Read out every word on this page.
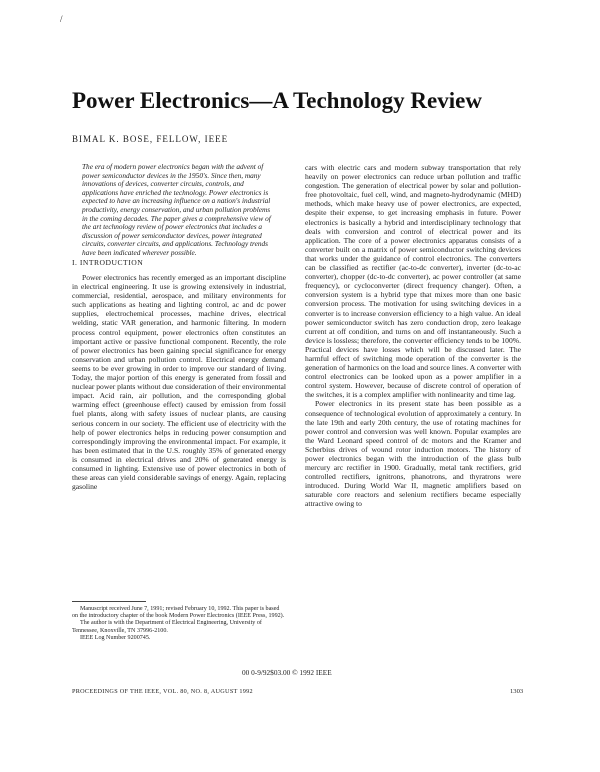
/
Power Electronics—A Technology Review
BIMAL K. BOSE, FELLOW, IEEE

The era of modern power electronics began with the advent of power semiconductor devices in the 1950's. Since then, many innovations of devices, converter circuits, controls, and applications have enriched the technology. Power electronics is expected to have an increasing influence on a nation's industrial productivity, energy conservation, and urban pollution problems in the coming decades. The paper gives a comprehensive view of the art technology review of power electronics that includes a discussion of power semiconductor devices, power integrated circuits, converter circuits, and applications. Technology trends have been indicated wherever possible.

I. INTRODUCTION

Power electronics has recently emerged as an important discipline in electrical engineering. It use is growing extensively in industrial, commercial, residential, aerospace, and military environments for such applications as heating and lighting control, ac and dc power supplies, electrochemical processes, machine drives, electrical welding, static VAR generation, and harmonic filtering. In modern process control equipment, power electronics often constitutes an important active or passive functional component. Recently, the role of power electronics has been gaining special significance for energy conservation and urban pollution control. Electrical energy demand seems to be ever growing in order to improve our standard of living. Today, the major portion of this energy is generated from fossil and nuclear power plants without due consideration of their environmental impact. Acid rain, air pollution, and the corresponding global warming effect (greenhouse effect) caused by emission from fossil fuel plants, along with safety issues of nuclear plants, are causing serious concern in our society. The efficient use of electricity with the help of power electronics helps in reducing power consumption and correspondingly improving the environmental impact. For example, it has been estimated that in the U.S. roughly 35% of generated energy is consumed in electrical drives and 20% of generated energy is consumed in lighting. Extensive use of power electronics in both of these areas can yield considerable savings of energy. Again, replacing gasoline

Manuscript received June 7, 1991; revised February 10, 1992. This paper is based on the introductory chapter of the book Modern Power Electronics (IEEE Press, 1992).

The author is with the Department of Electrical Engineering, University of Tennessee, Knoxville, TN 37996-2100.

IEEE Log Number 9200745.

cars with electric cars and modern subway transportation that rely heavily on power electronics can reduce urban pollution and traffic congestion. The generation of electrical power by solar and pollution-free photovoltaic, fuel cell, wind, and magneto-hydrodynamic (MHD) methods, which make heavy use of power electronics, are expected, despite their expense, to get increasing emphasis in future. Power electronics is basically a hybrid and interdisciplinary technology that deals with conversion and control of electrical power and its application. The core of a power electronics apparatus consists of a converter built on a matrix of power semiconductor switching devices that works under the guidance of control electronics. The converters can be classified as rectifier (ac-to-dc converter), inverter (dc-to-ac converter), chopper (dc-to-dc converter), ac power controller (at same frequency), or cycloconverter (direct frequency changer). Often, a conversion system is a hybrid type that mixes more than one basic conversion process. The motivation for using switching devices in a converter is to increase conversion efficiency to a high value. An ideal power semiconductor switch has zero conduction drop, zero leakage current at off condition, and turns on and off instantaneously. Such a device is lossless; therefore, the converter efficiency tends to be 100%. Practical devices have losses which will be discussed later. The harmful effect of switching mode operation of the converter is the generation of harmonics on the load and source lines. A converter with control electronics can be looked upon as a power amplifier in a control system. However, because of discrete control of operation of the switches, it is a complex amplifier with nonlinearity and time lag.

Power electronics in its present state has been possible as a consequence of technological evolution of approximately a century. In the late 19th and early 20th century, the use of rotating machines for power control and conversion was well known. Popular examples are the Ward Leonard speed control of dc motors and the Kramer and Scherbius drives of wound rotor induction motors. The history of power electronics began with the introduction of the glass bulb mercury arc rectifier in 1900. Gradually, metal tank rectifiers, grid controlled rectifiers, ignitrons, phanotrons, and thyratrons were introduced. During World War II, magnetic amplifiers based on saturable core reactors and selenium rectifiers became especially attractive owing to

00 0-9/92$03.00 © 1992 IEEE
PROCEEDINGS OF THE IEEE, VOL. 80, NO. 8, AUGUST 1992	1303
